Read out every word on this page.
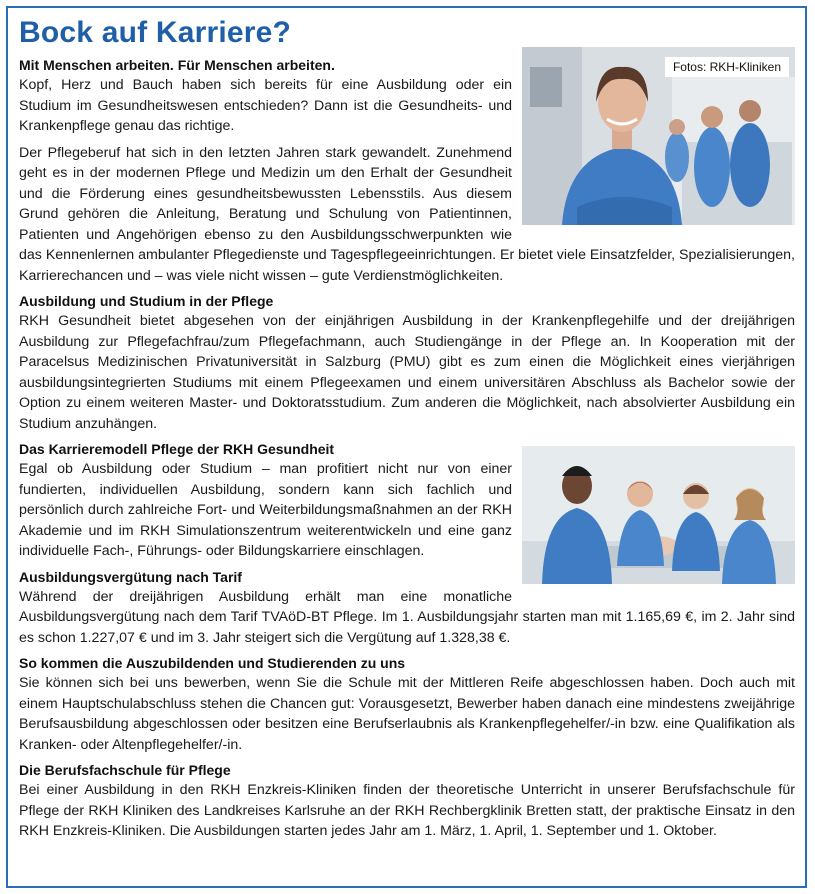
Bock auf Karriere?
Fotos: RKH-Kliniken
Mit Menschen arbeiten. Für Menschen arbeiten.

Kopf, Herz und Bauch haben sich bereits für eine Ausbildung oder ein Studium im Gesundheitswesen entschieden? Dann ist die Gesundheits- und Krankenpflege genau das richtige.

Der Pflegeberuf hat sich in den letzten Jahren stark gewandelt. Zunehmend geht es in der modernen Pflege und Medizin um den Erhalt der Gesundheit und die Förderung eines gesundheitsbewussten Lebensstils. Aus diesem Grund gehören die Anleitung, Beratung und Schulung von Patientinnen, Patienten und Angehörigen ebenso zu den Ausbildungsschwerpunkten wie das Kennenlernen ambulanter Pflegedienste und Tagespflegeeinrichtungen. Er bietet viele Einsatzfelder, Spezialisierungen, Karrierechancen und – was viele nicht wissen – gute Verdienstmöglichkeiten.

Ausbildung und Studium in der Pflege

RKH Gesundheit bietet abgesehen von der einjährigen Ausbildung in der Krankenpflegehilfe und der dreijährigen Ausbildung zur Pflegefachfrau/zum Pflegefachmann, auch Studiengänge in der Pflege an. In Kooperation mit der Paracelsus Medizinischen Privatuniversität in Salzburg (PMU) gibt es zum einen die Möglichkeit eines vierjährigen ausbildungsintegrierten Studiums mit einem Pflegeexamen und einem universitären Abschluss als Bachelor sowie der Option zu einem weiteren Master- und Doktoratsstudium. Zum anderen die Möglichkeit, nach absolvierter Ausbildung ein Studium anzuhängen.

Das Karrieremodell Pflege der RKH Gesundheit

Egal ob Ausbildung oder Studium – man profitiert nicht nur von einer fundierten, individuellen Ausbildung, sondern kann sich fachlich und persönlich durch zahlreiche Fort- und Weiterbildungsmaßnahmen an der RKH Akademie und im RKH Simulationszentrum weiterentwickeln und eine ganz individuelle Fach-, Führungs- oder Bildungskarriere einschlagen.

Ausbildungsvergütung nach Tarif

Während der dreijährigen Ausbildung erhält man eine monatliche Ausbildungsvergütung nach dem Tarif TVAöD-BT Pflege. Im 1. Ausbildungsjahr starten man mit 1.165,69 €, im 2. Jahr sind es schon 1.227,07 € und im 3. Jahr steigert sich die Vergütung auf 1.328,38 €.

So kommen die Auszubildenden und Studierenden zu uns

Sie können sich bei uns bewerben, wenn Sie die Schule mit der Mittleren Reife abgeschlossen haben. Doch auch mit einem Hauptschulabschluss stehen die Chancen gut: Vorausgesetzt, Bewerber haben danach eine mindestens zweijährige Berufsausbildung abgeschlossen oder besitzen eine Berufserlaubnis als Krankenpflegehelfer/-in bzw. eine Qualifikation als Kranken- oder Altenpflegehelfer/-in.

Die Berufsfachschule für Pflege

Bei einer Ausbildung in den RKH Enzkreis-Kliniken finden der theoretische Unterricht in unserer Berufsfachschule für Pflege der RKH Kliniken des Landkreises Karlsruhe an der RKH Rechbergklinik Bretten statt, der praktische Einsatz in den RKH Enzkreis-Kliniken. Die Ausbildungen starten jedes Jahr am 1. März, 1. April, 1. September und 1. Oktober.
